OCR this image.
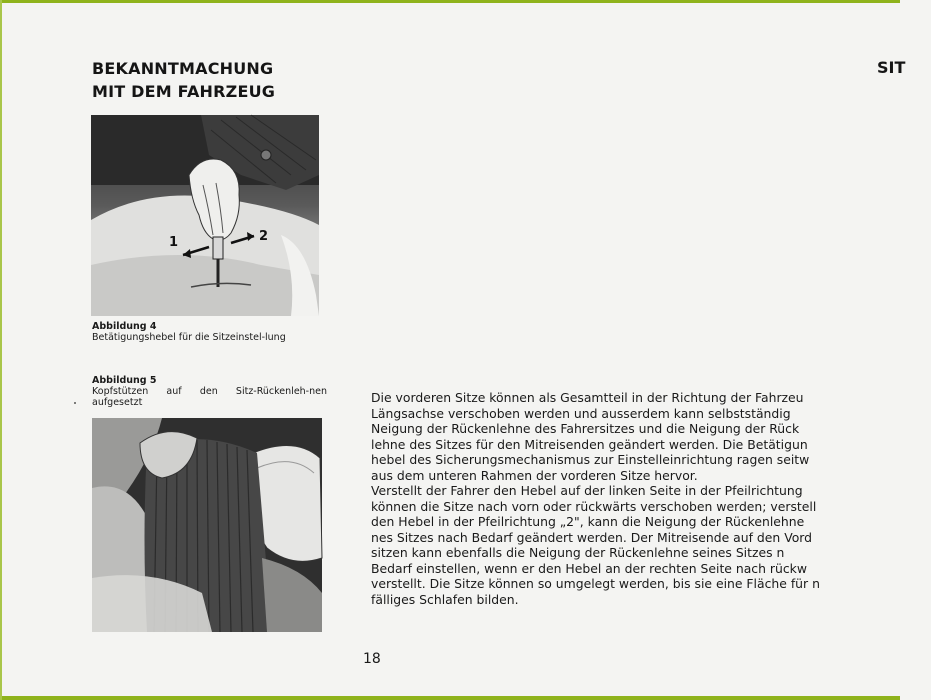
BEKANNTMACHUNG
MIT DEM FAHRZEUG
SIT
1	2
Abbildung 4
Betätigungshebel für die Sitzeinstel-lung
Abbildung 5
Kopfstützen auf den Sitz-Rückenleh-nen aufgesetzt	Die vorderen Sitze können als Gesamtteil in der Richtung der Fahrzeu
Längsachse verschoben werden und ausserdem kann selbstständig
Neigung der Rückenlehne des Fahrersitzes und die Neigung der Rück
lehne des Sitzes für den Mitreisenden geändert werden. Die Betätigun
hebel des Sicherungsmechanismus zur Einstelleinrichtung ragen seitw
aus dem unteren Rahmen der vorderen Sitze hervor.
Verstellt der Fahrer den Hebel auf der linken Seite in der Pfeilrichtung
können die Sitze nach vorn oder rückwärts verschoben werden; verstell
den Hebel in der Pfeilrichtung „2", kann die Neigung der Rückenlehne
nes Sitzes nach Bedarf geändert werden. Der Mitreisende auf den Vord
sitzen kann ebenfalls die Neigung der Rückenlehne seines Sitzes n
Bedarf einstellen, wenn er den Hebel an der rechten Seite nach rückw
verstellt. Die Sitze können so umgelegt werden, bis sie eine Fläche für n
fälliges Schlafen bilden.
18
